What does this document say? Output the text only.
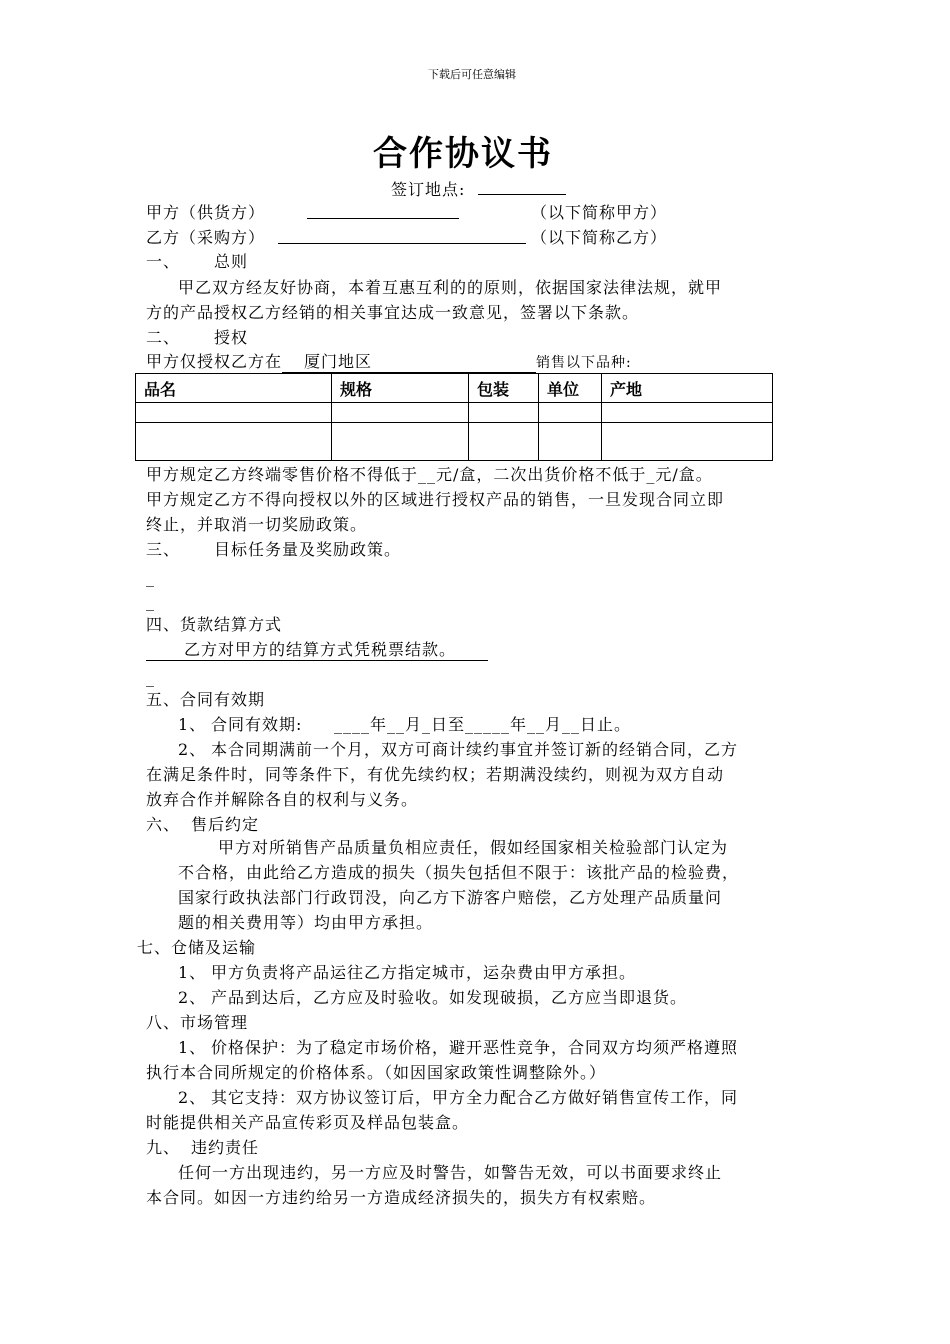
下载后可任意编辑
合作协议书
签订地点:
甲方（供货方）	（以下简称甲方）
乙方（采购方）	（以下简称乙方）
一、 总则
甲乙双方经友好协商，本着互惠互利的的原则，依据国家法律法规，就甲
方的产品授权乙方经销的相关事宜达成一致意见，签署以下条款。
二、 授权
甲方仅授权乙方在 厦门地区	销售以下品种:
品名	规格	包装	单位	产地

甲方规定乙方终端零售价格不得低于__元/盒，二次出货价格不低于_元/盒。
甲方规定乙方不得向授权以外的区域进行授权产品的销售，一旦发现合同立即
终止，并取消一切奖励政策。
三、 目标任务量及奖励政策。
_
_
四、货款结算方式
乙方对甲方的结算方式凭税票结款。
_
五、合同有效期
1、 合同有效期: ____年__月_日至_____年__月__日止。
2、 本合同期满前一个月，双方可商计续约事宜并签订新的经销合同，乙方
在满足条件时，同等条件下，有优先续约权；若期满没续约，则视为双方自动
放弃合作并解除各自的权利与义务。
六、 售后约定
甲方对所销售产品质量负相应责任，假如经国家相关检验部门认定为
不合格，由此给乙方造成的损失（损失包括但不限于：该批产品的检验费，
国家行政执法部门行政罚没，向乙方下游客户赔偿，乙方处理产品质量问
题的相关费用等）均由甲方承担。
七、仓储及运输
1、 甲方负责将产品运往乙方指定城市，运杂费由甲方承担。
2、 产品到达后，乙方应及时验收。如发现破损，乙方应当即退货。
八、市场管理
1、 价格保护：为了稳定市场价格，避开恶性竞争，合同双方均须严格遵照
执行本合同所规定的价格体系。（如因国家政策性调整除外。）
2、 其它支持：双方协议签订后，甲方全力配合乙方做好销售宣传工作，同
时能提供相关产品宣传彩页及样品包装盒。
九、 违约责任
任何一方出现违约，另一方应及时警告，如警告无效，可以书面要求终止
本合同。如因一方违约给另一方造成经济损失的，损失方有权索赔。
